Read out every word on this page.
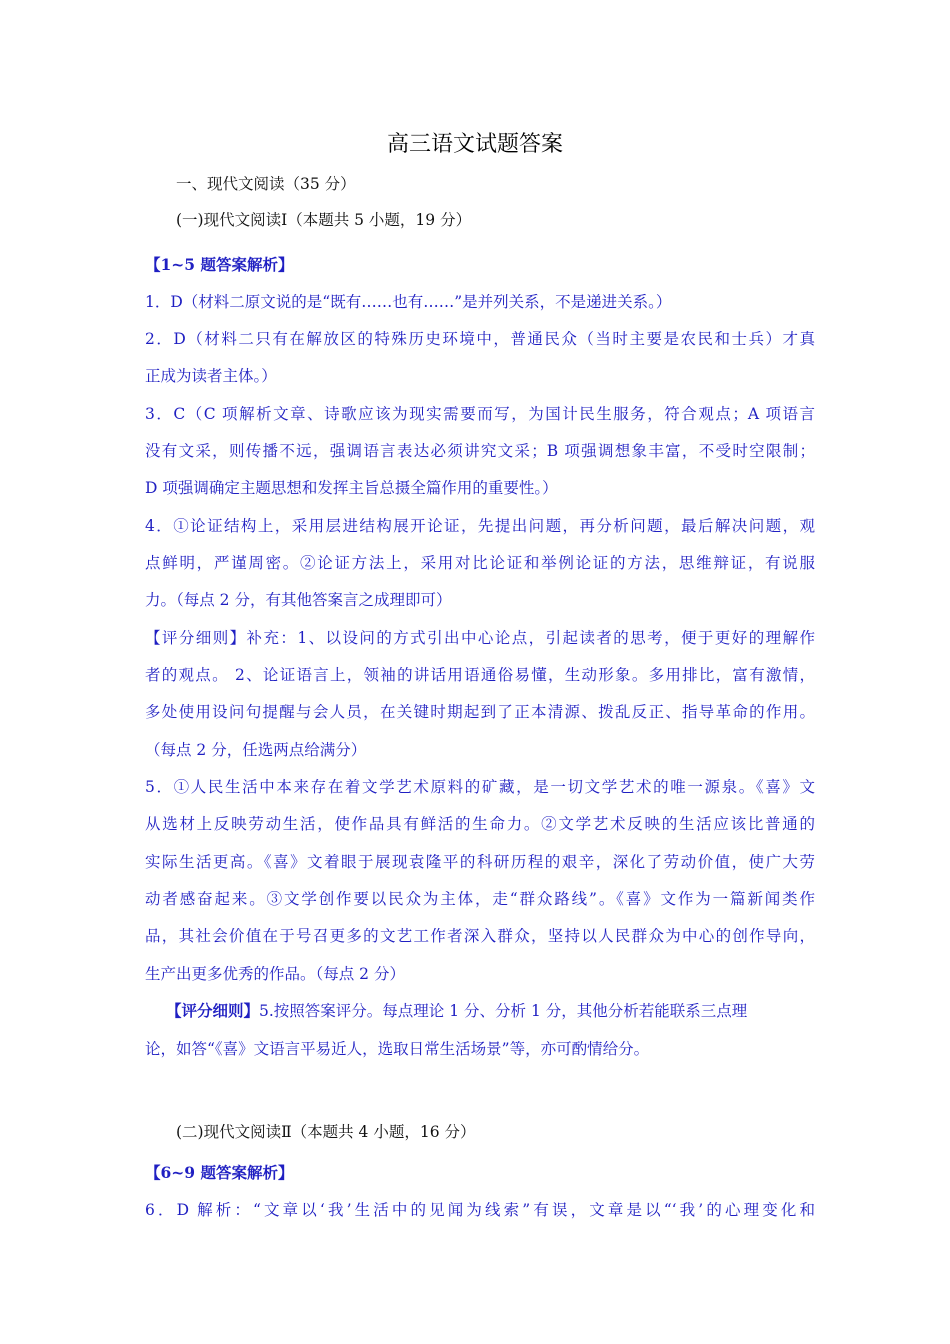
高三语文试题答案
一、现代文阅读（35 分）
(一)现代文阅读Ⅰ（本题共 5 小题，19 分）
【1~5 题答案解析】
1．D（材料二原文说的是“既有……也有……”是并列关系，不是递进关系。）
2．D（材料二只有在解放区的特殊历史环境中，普通民众（当时主要是农民和士兵）才真
正成为读者主体。）
3．C（C 项解析文章、诗歌应该为现实需要而写，为国计民生服务，符合观点；A 项语言
没有文采，则传播不远，强调语言表达必须讲究文采；B 项强调想象丰富，不受时空限制；
D 项强调确定主题思想和发挥主旨总摄全篇作用的重要性。）
4．①论证结构上，采用层进结构展开论证，先提出问题，再分析问题，最后解决问题，观
点鲜明，严谨周密。②论证方法上，采用对比论证和举例论证的方法，思维辩证，有说服
力。（每点 2 分，有其他答案言之成理即可）
【评分细则】补充：1、以设问的方式引出中心论点，引起读者的思考，便于更好的理解作
者的观点。 2、论证语言上，领袖的讲话用语通俗易懂，生动形象。多用排比，富有激情，
多处使用设问句提醒与会人员，在关键时期起到了正本清源、拨乱反正、指导革命的作用。
（每点 2 分，任选两点给满分）
5．①人民生活中本来存在着文学艺术原料的矿藏，是一切文学艺术的唯一源泉。《喜》文
从选材上反映劳动生活，使作品具有鲜活的生命力。②文学艺术反映的生活应该比普通的
实际生活更高。《喜》文着眼于展现袁隆平的科研历程的艰辛，深化了劳动价值，使广大劳
动者感奋起来。③文学创作要以民众为主体，走“群众路线”。《喜》文作为一篇新闻类作
品，其社会价值在于号召更多的文艺工作者深入群众，坚持以人民群众为中心的创作导向，
生产出更多优秀的作品。（每点 2 分）
【评分细则】5.按照答案评分。每点理论 1 分、分析 1 分，其他分析若能联系三点理
论，如答“《喜》文语言平易近人，选取日常生活场景”等，亦可酌情给分。
(二)现代文阅读Ⅱ（本题共 4 小题，16 分）
【6~9 题答案解析】
6．D 解析：“文章以‘我’生活中的见闻为线索”有误，文章是以“‘我’的心理变化和
